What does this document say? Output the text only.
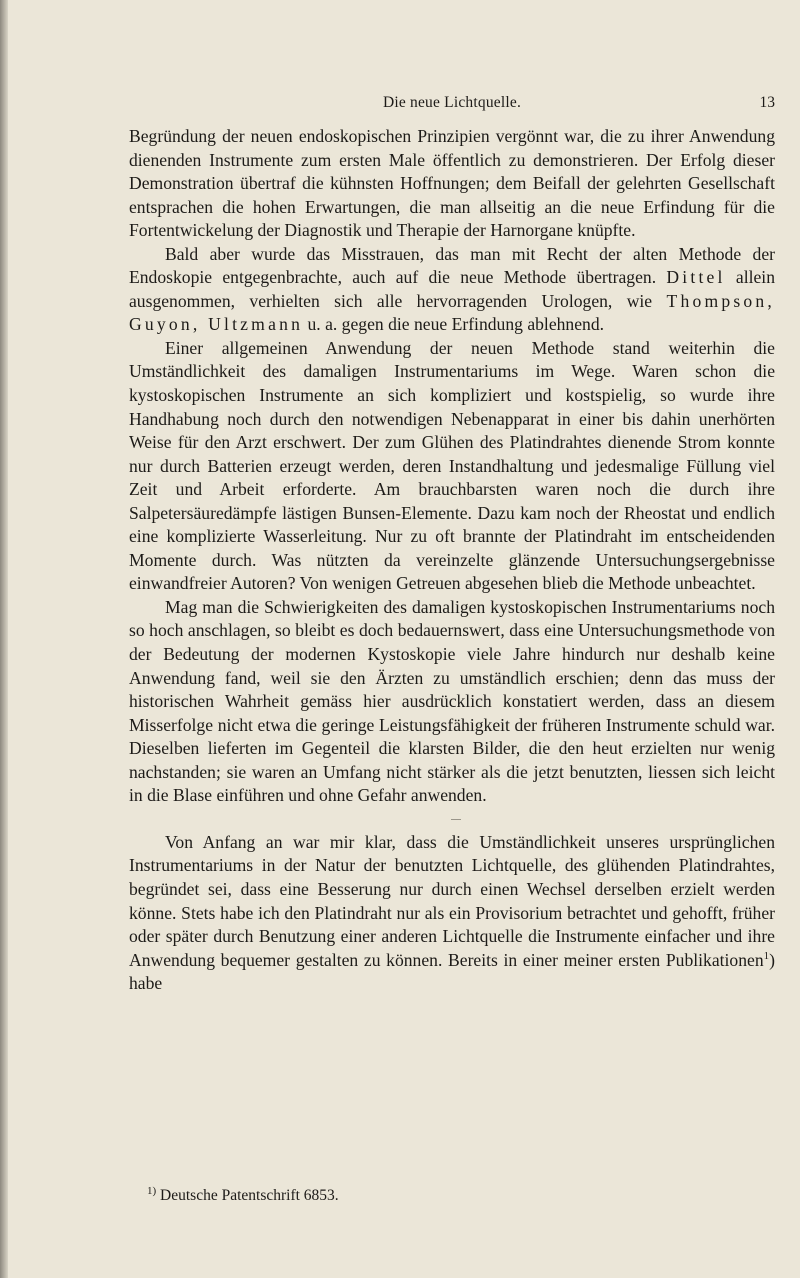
Die neue Lichtquelle.	13

Begründung der neuen endoskopischen Prinzipien vergönnt war, die zu ihrer Anwendung dienenden Instrumente zum ersten Male öffentlich zu demonstrieren. Der Erfolg dieser Demonstration übertraf die kühnsten Hoffnungen; dem Beifall der gelehrten Gesellschaft entsprachen die hohen Erwartungen, die man allseitig an die neue Erfindung für die Fortentwickelung der Diagnostik und Therapie der Harnorgane knüpfte.

Bald aber wurde das Misstrauen, das man mit Recht der alten Methode der Endoskopie entgegenbrachte, auch auf die neue Methode übertragen. Dittel allein ausgenommen, verhielten sich alle hervorragenden Urologen, wie Thompson, Guyon, Ultzmann u. a. gegen die neue Erfindung ablehnend.

Einer allgemeinen Anwendung der neuen Methode stand weiterhin die Umständlichkeit des damaligen Instrumentariums im Wege. Waren schon die kystoskopischen Instrumente an sich kompliziert und kostspielig, so wurde ihre Handhabung noch durch den notwendigen Nebenapparat in einer bis dahin unerhörten Weise für den Arzt erschwert. Der zum Glühen des Platindrahtes dienende Strom konnte nur durch Batterien erzeugt werden, deren Instandhaltung und jedesmalige Füllung viel Zeit und Arbeit erforderte. Am brauchbarsten waren noch die durch ihre Salpetersäuredämpfe lästigen Bunsen-Elemente. Dazu kam noch der Rheostat und endlich eine komplizierte Wasserleitung. Nur zu oft brannte der Platindraht im entscheidenden Momente durch. Was nützten da vereinzelte glänzende Untersuchungsergebnisse einwandfreier Autoren? Von wenigen Getreuen abgesehen blieb die Methode unbeachtet.

Mag man die Schwierigkeiten des damaligen kystoskopischen Instrumentariums noch so hoch anschlagen, so bleibt es doch bedauernswert, dass eine Untersuchungsmethode von der Bedeutung der modernen Kystoskopie viele Jahre hindurch nur deshalb keine Anwendung fand, weil sie den Ärzten zu umständlich erschien; denn das muss der historischen Wahrheit gemäss hier ausdrücklich konstatiert werden, dass an diesem Misserfolge nicht etwa die geringe Leistungsfähigkeit der früheren Instrumente schuld war. Dieselben lieferten im Gegenteil die klarsten Bilder, die den heut erzielten nur wenig nachstanden; sie waren an Umfang nicht stärker als die jetzt benutzten, liessen sich leicht in die Blase einführen und ohne Gefahr anwenden.

Von Anfang an war mir klar, dass die Umständlichkeit unseres ursprünglichen Instrumentariums in der Natur der benutzten Lichtquelle, des glühenden Platindrahtes, begründet sei, dass eine Besserung nur durch einen Wechsel derselben erzielt werden könne. Stets habe ich den Platindraht nur als ein Provisorium betrachtet und gehofft, früher oder später durch Benutzung einer anderen Lichtquelle die Instrumente einfacher und ihre Anwendung bequemer gestalten zu können. Bereits in einer meiner ersten Publikationen$^1$) habe

$^{1)}$ Deutsche Patentschrift 6853.
